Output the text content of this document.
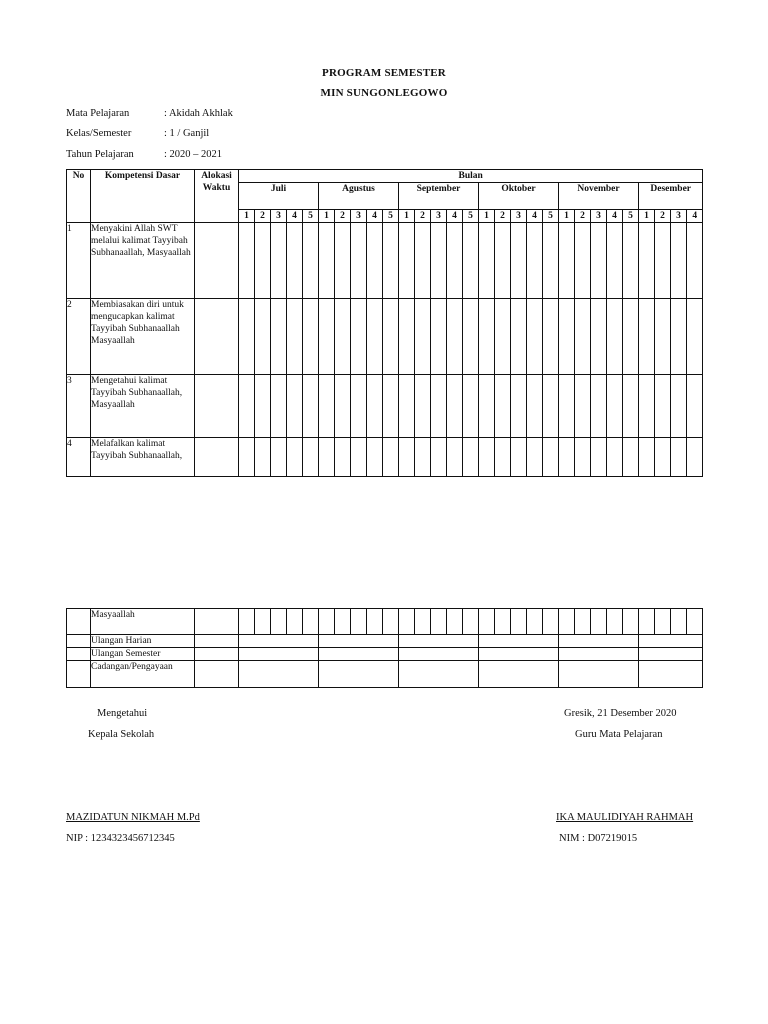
PROGRAM SEMESTER
MIN SUNGONLEGOWO
Mata Pelajaran	: Akidah Akhlak
Kelas/Semester	: 1 / Ganjil
Tahun Pelajaran	: 2020 – 2021
No	Kompetensi Dasar	Alokasi Waktu	Bulan																												
			Juli					Agustus					September					Oktober					November					Desember			
			1	2	3	4	5	1	2	3	4	5	1	2	3	4	5	1	2	3	4	5	1	2	3	4	5	1	2	3	4
1	Menyakini Allah SWT melalui kalimat Tayyibah Subhanaallah, Masyaallah																														
2	Membiasakan diri untuk mengucapkan kalimat Tayyibah Subhanaallah Masyaallah																														
3	Mengetahui kalimat Tayyibah Subhanaallah, Masyaallah																														
4	Melafalkan kalimat Tayyibah Subhanaallah,																														
	Masyaallah																														
	Ulangan Harian																														
	Ulangan Semester																														
	Cadangan/Pengayaan																														
Mengetahui
Kepala Sekolah
MAZIDATUN NIKMAH M.Pd
NIP : 1234323456712345
Gresik, 21 Desember 2020
Guru Mata Pelajaran
IKA MAULIDIYAH RAHMAH
NIM : D07219015
